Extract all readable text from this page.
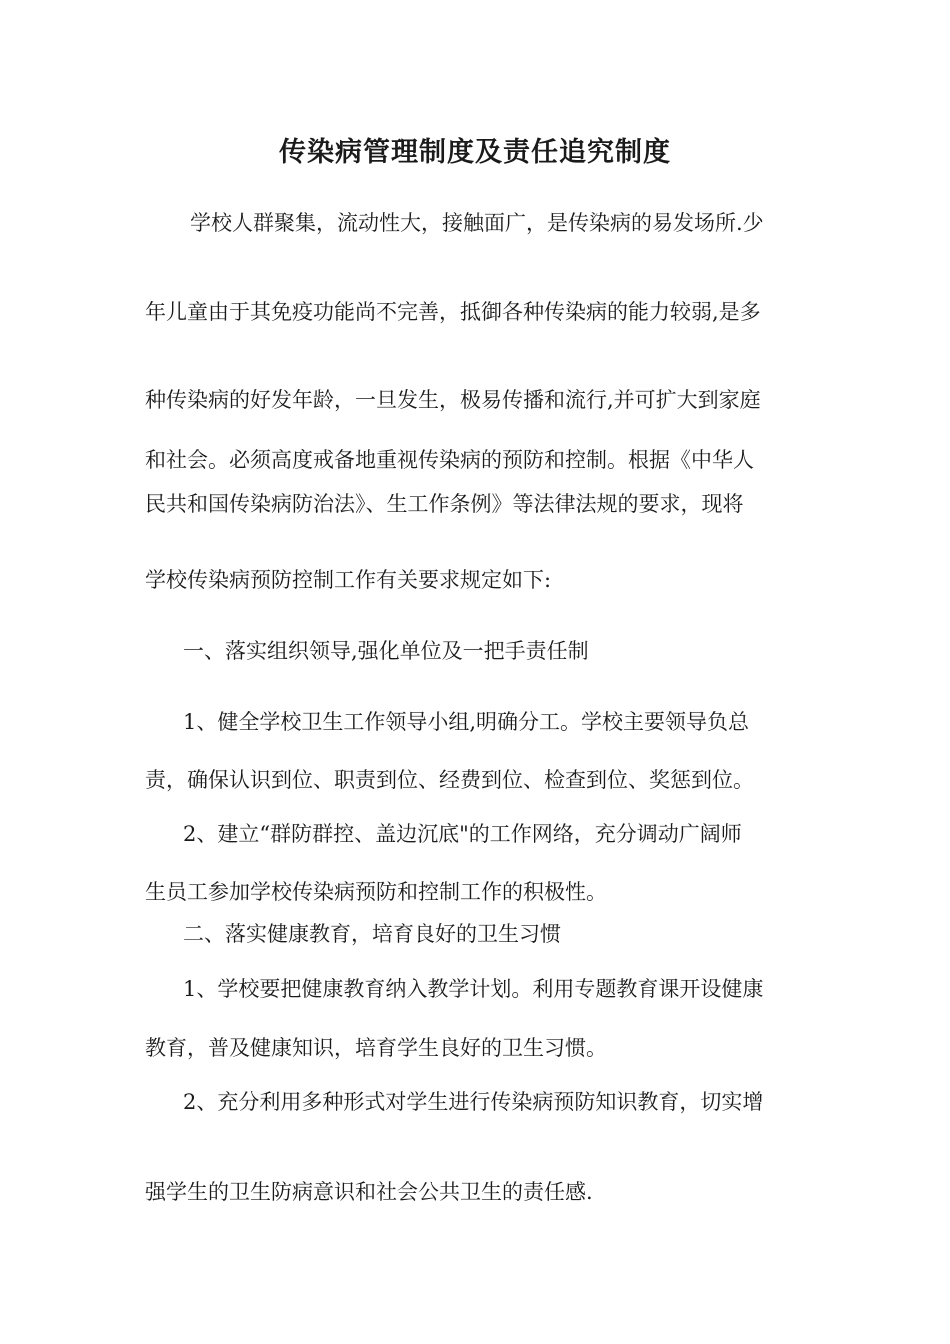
传染病管理制度及责任追究制度
学校人群聚集，流动性大，接触面广，是传染病的易发场所.少
年儿童由于其免疫功能尚不完善，抵御各种传染病的能力较弱,是多
种传染病的好发年龄，一旦发生，极易传播和流行,并可扩大到家庭
和社会。必须高度戒备地重视传染病的预防和控制。根据《中华人
民共和国传染病防治法》、生工作条例》等法律法规的要求，现将
学校传染病预防控制工作有关要求规定如下:
一、落实组织领导,强化单位及一把手责任制
1、健全学校卫生工作领导小组,明确分工。学校主要领导负总
责，确保认识到位、职责到位、经费到位、检查到位、奖惩到位。
2、建立“群防群控、盖边沉底"的工作网络，充分调动广阔师
生员工参加学校传染病预防和控制工作的积极性。
二、落实健康教育，培育良好的卫生习惯
1、学校要把健康教育纳入教学计划。利用专题教育课开设健康
教育，普及健康知识，培育学生良好的卫生习惯。
2、充分利用多种形式对学生进行传染病预防知识教育，切实增
强学生的卫生防病意识和社会公共卫生的责任感.
